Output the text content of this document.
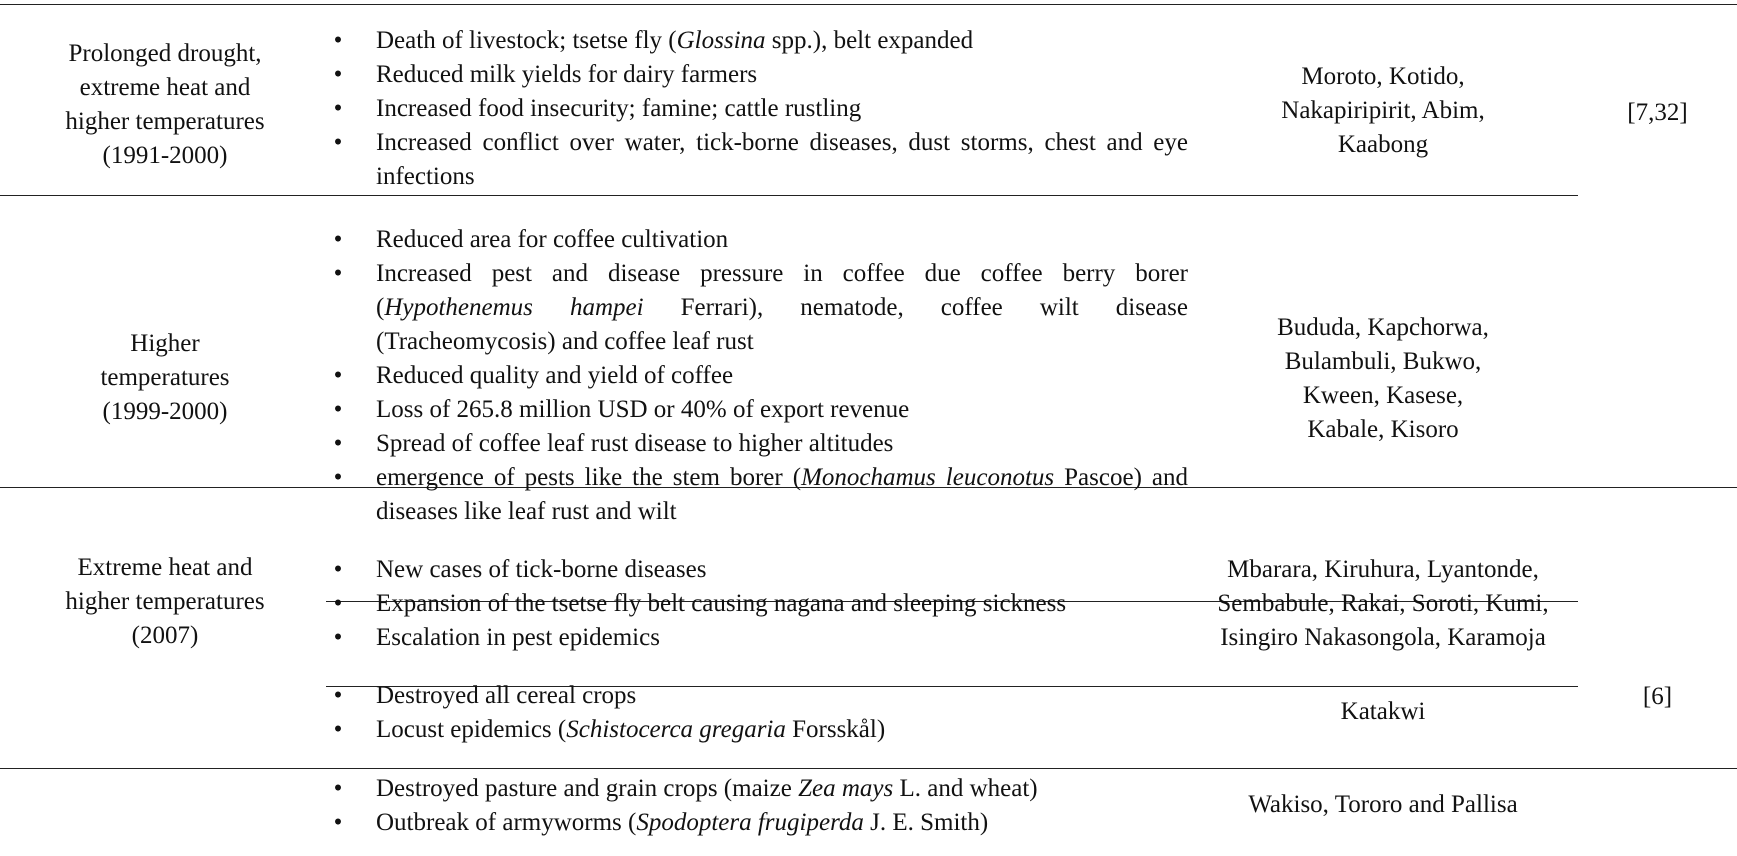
Prolonged drought,
extreme heat and
higher temperatures
(1991-2000)
• Death of livestock; tsetse fly (Glossina spp.), belt expanded
• Reduced milk yields for dairy farmers
• Increased food insecurity; famine; cattle rustling
• Increased conflict over water, tick-borne diseases, dust storms, chest and eye infections
Moroto, Kotido,
Nakapiripirit, Abim,
Kaabong
[7,32]
Higher
temperatures
(1999-2000)
• Reduced area for coffee cultivation
• Increased pest and disease pressure in coffee due coffee berry borer (Hypothenemus hampei Ferrari), nematode, coffee wilt disease (Tracheomycosis) and coffee leaf rust
• Reduced quality and yield of coffee
• Loss of 265.8 million USD or 40% of export revenue
• Spread of coffee leaf rust disease to higher altitudes
• emergence of pests like the stem borer (Monochamus leuconotus Pascoe) and diseases like leaf rust and wilt
Bududa, Kapchorwa,
Bulambuli, Bukwo,
Kween, Kasese,
Kabale, Kisoro
Extreme heat and
higher temperatures
(2007)
• New cases of tick-borne diseases
• Expansion of the tsetse fly belt causing nagana and sleeping sickness
• Escalation in pest epidemics
Mbarara, Kiruhura, Lyantonde,
Sembabule, Rakai, Soroti, Kumi,
Isingiro Nakasongola, Karamoja
• Destroyed all cereal crops
• Locust epidemics (Schistocerca gregaria Forsskål)
Katakwi
[6]
• Destroyed pasture and grain crops (maize Zea mays L. and wheat)
• Outbreak of armyworms (Spodoptera frugiperda J. E. Smith)
Wakiso, Tororo and Pallisa
